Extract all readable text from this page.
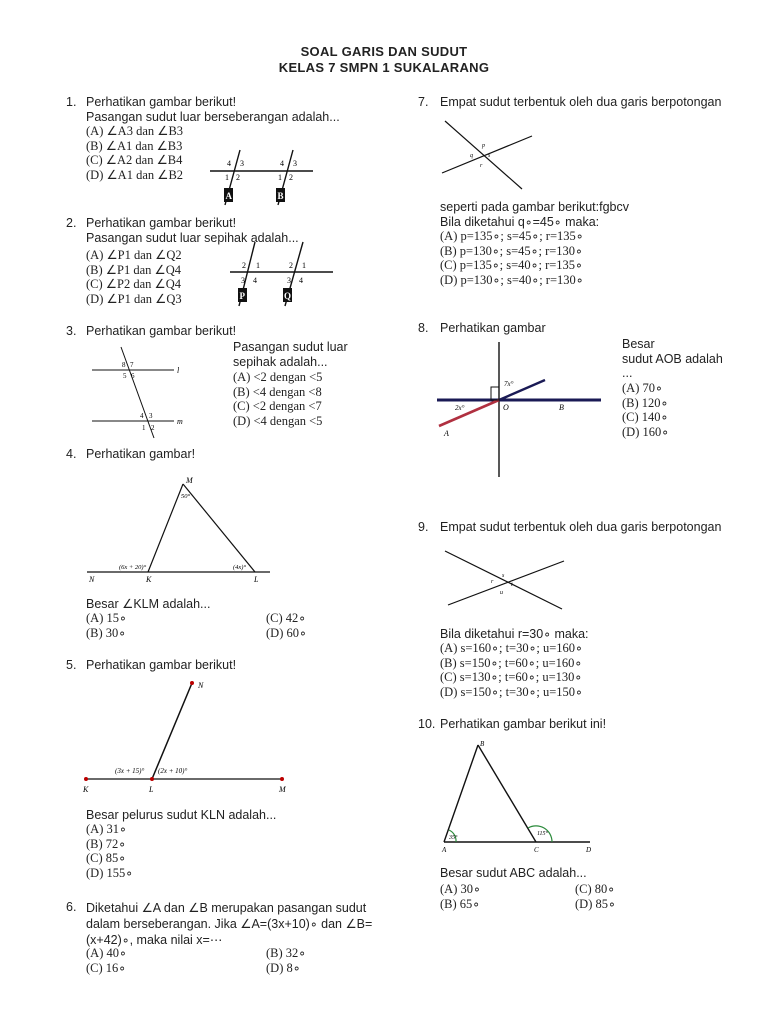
SOAL GARIS DAN SUDUT
KELAS 7 SMPN 1 SUKALARANG
1. Perhatikan gambar berikut!
Pasangan sudut luar berseberangan adalah...
(A) ∠A3 dan ∠B3
(B) ∠A1 dan ∠B3
(C) ∠A2 dan ∠B4
(D) ∠A1 dan ∠B2
4 3
1 2
4 3
1 2
A	B
2. Perhatikan gambar berikut!
Pasangan sudut luar sepihak adalah...
(A) ∠P1 dan ∠Q2
(B) ∠P1 dan ∠Q4
(C) ∠P2 dan ∠Q4
(D) ∠P1 dan ∠Q3
2 1	2 1
3 4	3 4
P	Q
3. Perhatikan gambar berikut!
Pasangan sudut luar
sepihak adalah...
(A) <2 dengan <5
(B) <4 dengan <8
(C) <2 dengan <7
(D) <4 dengan <5
l
m
8 7
5 6
4 3
1 2
4. Perhatikan gambar!
M
N	K	L
50°
(6x + 20)°	(4x)°
Besar ∠KLM adalah...
(A) 15∘
(B) 30∘
(C) 42∘
(D) 60∘
5. Perhatikan gambar berikut!
N
K	L	M
(3x + 15)° (2x + 10)°
Besar pelurus sudut KLN adalah...
(A) 31∘
(B) 72∘
(C) 85∘
(D) 155∘
6. Diketahui ∠A dan ∠B merupakan pasangan sudut
dalam berseberangan. Jika ∠A=(3x+10)∘ dan ∠B=
(x+42)∘, maka nilai x=⋯
(A) 40∘
(C) 16∘
(B) 32∘
(D) 8∘
7. Empat sudut terbentuk oleh dua garis berpotongan
p
q	s
r
seperti pada gambar berikut:fgbcv
Bila diketahui q∘=45∘ maka:
(A) p=135∘; s=45∘; r=135∘
(B) p=130∘; s=45∘; r=130∘
(C) p=135∘; s=40∘; r=135∘
(D) p=130∘; s=40∘; r=130∘
8. Perhatikan gambar
Besar
sudut AOB adalah
...
(A) 70∘
(B) 120∘
(C) 140∘
(D) 160∘
O	B
A
7x°
2x°
9. Empat sudut terbentuk oleh dua garis berpotongan
s
r	t
u
Bila diketahui r=30∘ maka:
(A) s=160∘; t=30∘; u=160∘
(B) s=150∘; t=60∘; u=160∘
(C) s=130∘; t=60∘; u=130∘
(D) s=150∘; t=30∘; u=150∘
10. Perhatikan gambar berikut ini!
B
A	C	D
35°
115°
Besar sudut ABC adalah...
(A) 30∘
(B) 65∘
(C) 80∘
(D) 85∘
